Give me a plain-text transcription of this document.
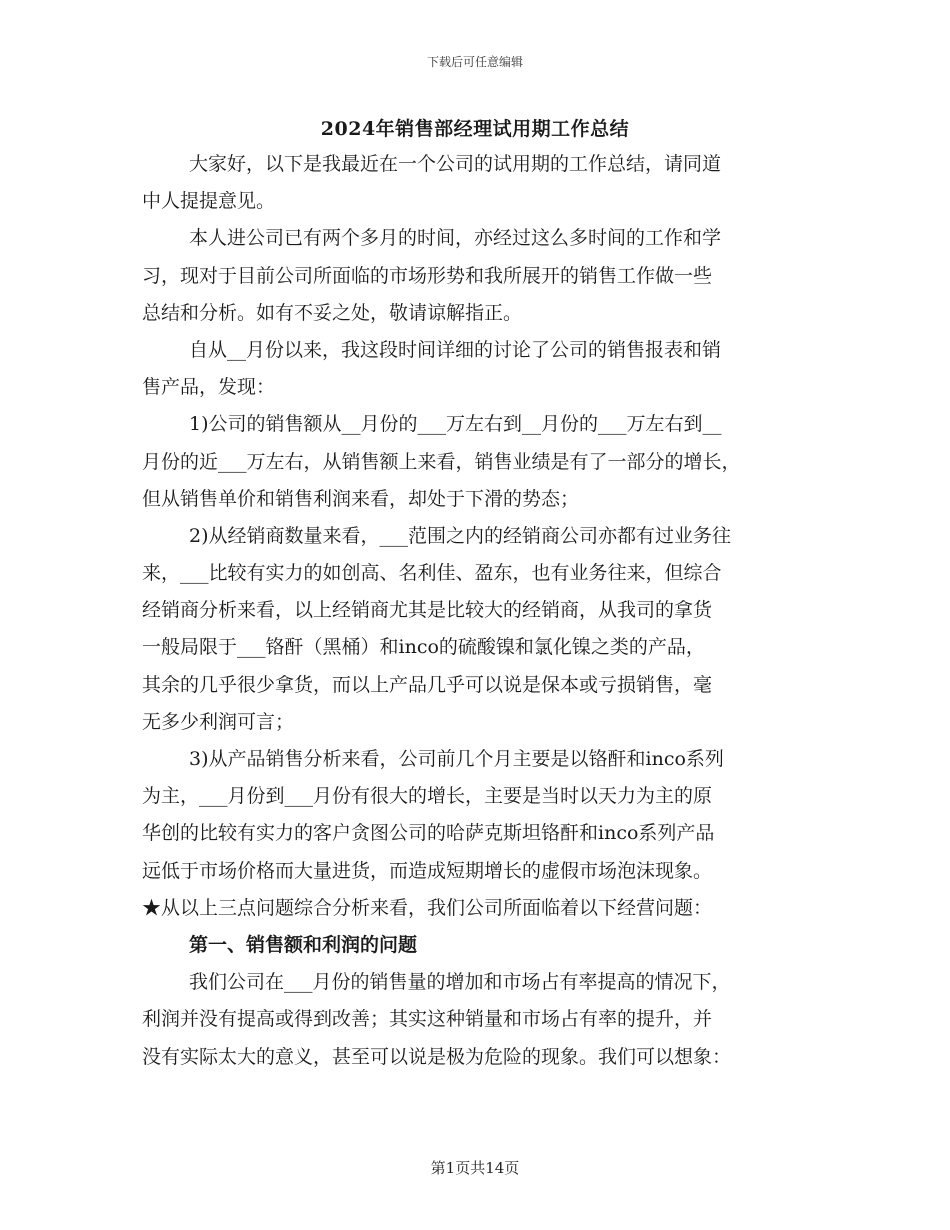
下载后可任意编辑
2024年销售部经理试用期工作总结
大家好，以下是我最近在一个公司的试用期的工作总结，请同道
中人提提意见。
本人进公司已有两个多月的时间，亦经过这么多时间的工作和学
习，现对于目前公司所面临的市场形势和我所展开的销售工作做一些
总结和分析。如有不妥之处，敬请谅解指正。
自从__月份以来，我这段时间详细的讨论了公司的销售报表和销
售产品，发现：
1)公司的销售额从__月份的___万左右到__月份的___万左右到__
月份的近___万左右，从销售额上来看，销售业绩是有了一部分的增长，
但从销售单价和销售利润来看，却处于下滑的势态；
2)从经销商数量来看，___范围之内的经销商公司亦都有过业务往
来，___比较有实力的如创高、名利佳、盈东，也有业务往来，但综合
经销商分析来看，以上经销商尤其是比较大的经销商，从我司的拿货
一般局限于___铬酐（黑桶）和inco的硫酸镍和氯化镍之类的产品，
其余的几乎很少拿货，而以上产品几乎可以说是保本或亏损销售，毫
无多少利润可言；
3)从产品销售分析来看，公司前几个月主要是以铬酐和inco系列
为主，___月份到___月份有很大的增长，主要是当时以天力为主的原
华创的比较有实力的客户贪图公司的哈萨克斯坦铬酐和inco系列产品
远低于市场价格而大量进货，而造成短期增长的虚假市场泡沫现象。
★从以上三点问题综合分析来看，我们公司所面临着以下经营问题：
第一、销售额和利润的问题
我们公司在___月份的销售量的增加和市场占有率提高的情况下，
利润并没有提高或得到改善；其实这种销量和市场占有率的提升，并
没有实际太大的意义，甚至可以说是极为危险的现象。我们可以想象：
第1页共14页
